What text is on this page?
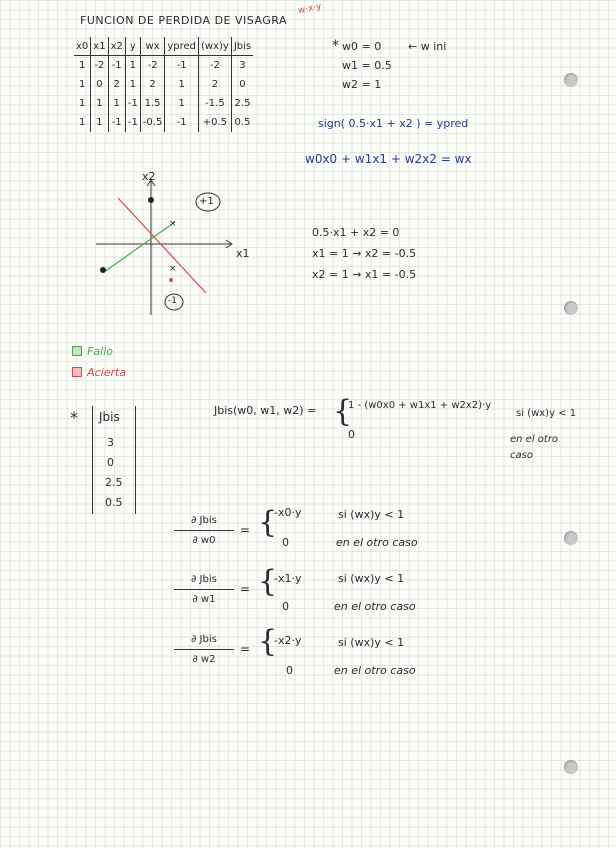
FUNCION DE PERDIDA DE VISAGRA
w·x·y
x0	x1	x2	y	wx	ypred	(wx)y	Jbis
1	-2	-1	1	-2	-1	-2	3
1	0	2	1	2	1	2	0
1	1	1	-1	1.5	1	-1.5	2.5
1	1	-1	-1	-0.5	-1	+0.5	0.5
* w0 = 0
w1 = 0.5
w2 = 1
← w ini
sign( 0.5·x1 + x2 ) = ypred
w0x0 + w1x1 + w2x2 = wx
×
×
x2
x1
+1
-1
0.5·x1 + x2 = 0
x1 = 1 → x2 = -0.5
x2 = 1 → x1 = -0.5
Fallo
Acierta
* Jbis
3
0
2.5
0.5
Jbis(w0, w1, w2) = {
1 - (w0x0 + w1x1 + w2x2)·y
si (wx)y < 1
0	en el otro caso
∂ Jbis
∂ w0
= {
-x0·y	si (wx)y < 1
0	en el otro caso
∂ Jbis
∂ w1
= {
-x1·y	si (wx)y < 1
0	en el otro caso
∂ Jbis
∂ w2
= {
-x2·y	si (wx)y < 1
0	en el otro caso
